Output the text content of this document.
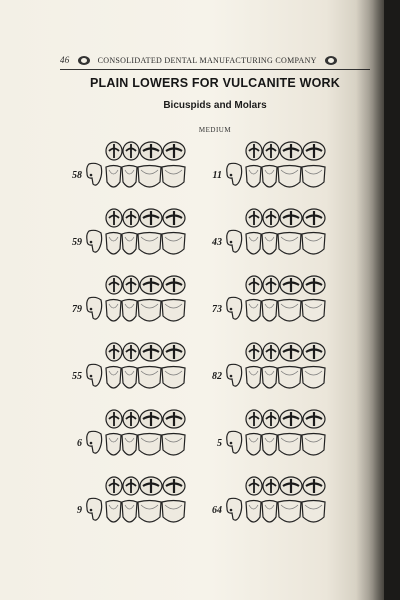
46	CONSOLIDATED DENTAL MANUFACTURING COMPANY
PLAIN LOWERS FOR VULCANITE WORK
Bicuspids and Molars
MEDIUM
58	11
59	43
79	73
55	82
6	5
9	64
